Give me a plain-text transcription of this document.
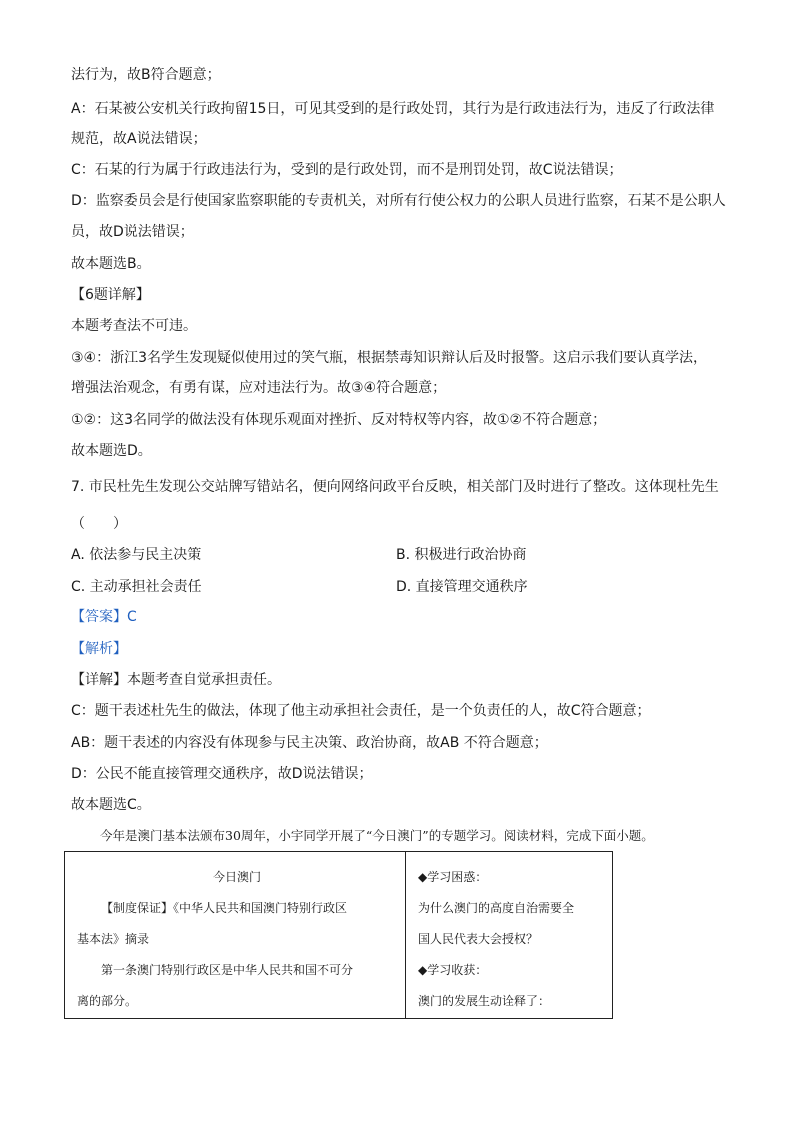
法行为，故B符合题意；
A：石某被公安机关行政拘留15日，可见其受到的是行政处罚，其行为是行政违法行为，违反了行政法律
规范，故A说法错误；
C：石某的行为属于行政违法行为，受到的是行政处罚，而不是刑罚处罚，故C说法错误；
D：监察委员会是行使国家监察职能的专责机关，对所有行使公权力的公职人员进行监察，石某不是公职人
员，故D说法错误；
故本题选B。
【6题详解】
本题考查法不可违。
③④：浙江3名学生发现疑似使用过的笑气瓶，根据禁毒知识辩认后及时报警。这启示我们要认真学法，
增强法治观念，有勇有谋，应对违法行为。故③④符合题意；
①②：这3名同学的做法没有体现乐观面对挫折、反对特权等内容，故①②不符合题意；
故本题选D。
7. 市民杜先生发现公交站牌写错站名，便向网络问政平台反映，相关部门及时进行了整改。这体现杜先生
（　　）
A. 依法参与民主决策	B. 积极进行政治协商
C. 主动承担社会责任	D. 直接管理交通秩序
【答案】C
【解析】
【详解】本题考查自觉承担责任。
C：题干表述杜先生的做法，体现了他主动承担社会责任，是一个负责任的人，故C符合题意；
AB：题干表述的内容没有体现参与民主决策、政治协商，故AB 不符合题意；
D：公民不能直接管理交通秩序，故D说法错误；
故本题选C。
今年是澳门基本法颁布30周年，小宇同学开展了“今日澳门”的专题学习。阅读材料，完成下面小题。
今日澳门
【制度保证】《中华人民共和国澳门特别行政区
基本法》摘录
第一条澳门特别行政区是中华人民共和国不可分
离的部分。

◆学习困惑：
为什么澳门的高度自治需要全
国人民代表大会授权？
◆学习收获：
澳门的发展生动诠释了：
